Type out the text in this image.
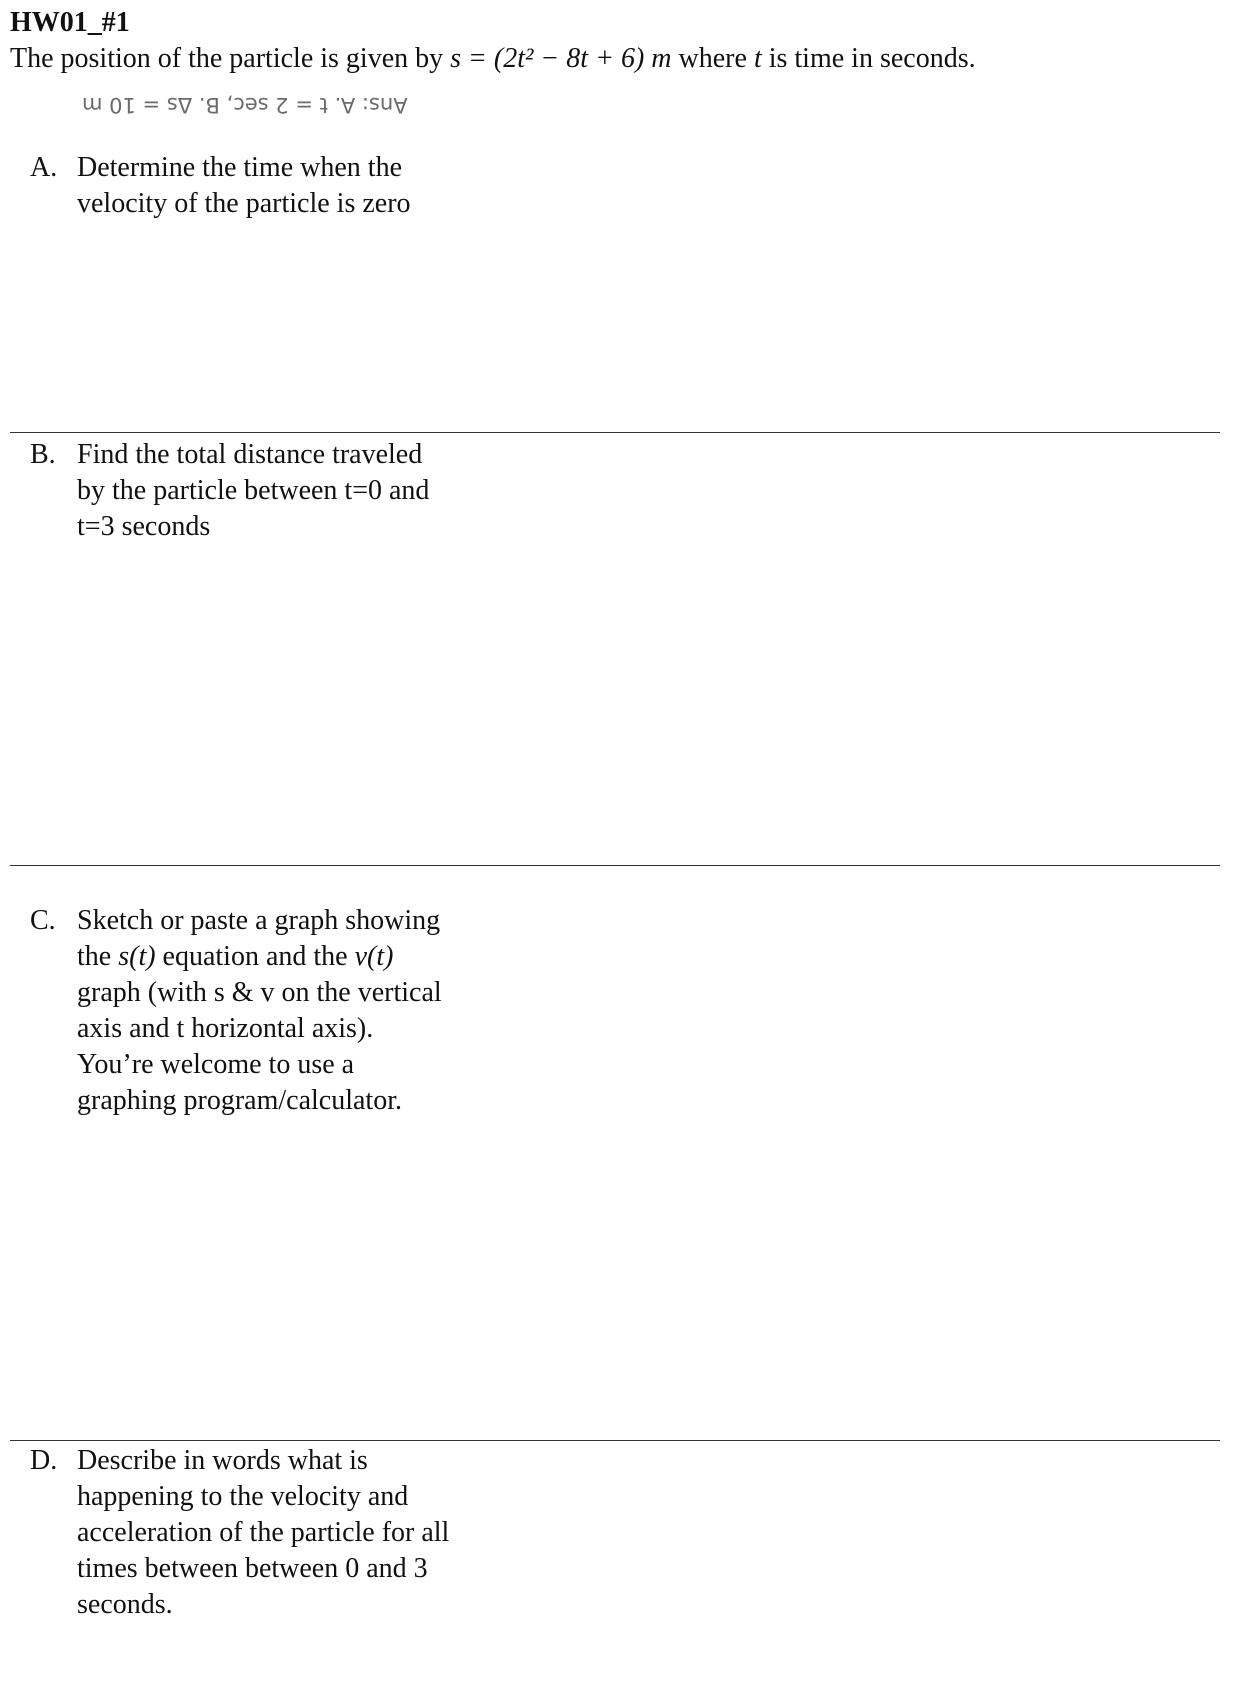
HW01_#1
The position of the particle is given by s = (2t² − 8t + 6) m where t is time in seconds.
Ans: A. t = 2 sec, B. Δs = 10 m
A. Determine the time when the
velocity of the particle is zero
B. Find the total distance traveled
by the particle between t=0 and
t=3 seconds
C. Sketch or paste a graph showing
the s(t) equation and the v(t)
graph (with s & v on the vertical
axis and t horizontal axis).
You’re welcome to use a
graphing program/calculator.
D. Describe in words what is
happening to the velocity and
acceleration of the particle for all
times between between 0 and 3
seconds.
